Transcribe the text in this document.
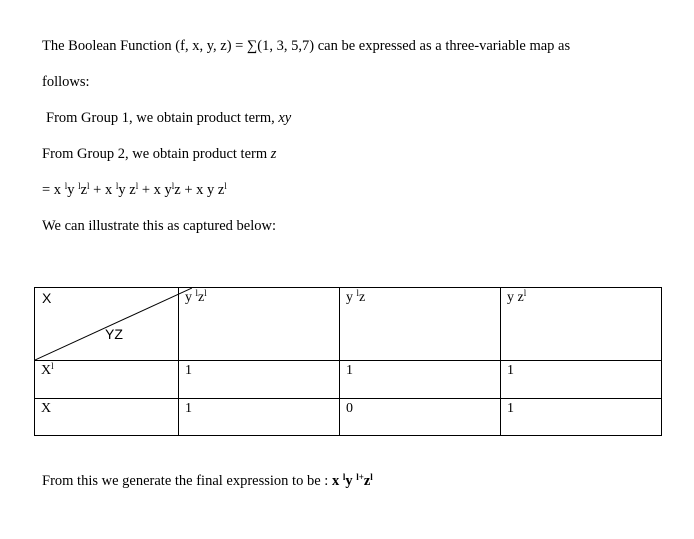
The Boolean Function (f, x, y, z) = ∑(1, 3, 5,7) can be expressed as a three-variable map as
follows:
From Group 1, we obtain product term, xy
From Group 2, we obtain product term z
= x $^l$y $^lz^l + x$ $^l$y $z^l + x$ $y^lz + x$ y $z^l$
We can illustrate this as captured below:
X
YZ	y $^lz^l$	y $^l$z	y $z^l$
$X^l$	1	1	1
X	1	0	1
From this we generate the final expression to be : x $^l$y $^{l+}z^l$
